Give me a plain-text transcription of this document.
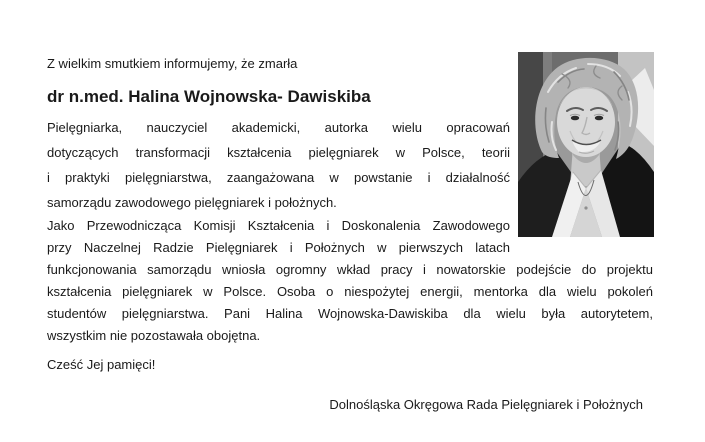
Z wielkim smutkiem informujemy, że zmarła
dr n.med. Halina Wojnowska- Dawiskiba
Pielęgniarka, nauczyciel akademicki, autorka wielu opracowań
dotyczących transformacji kształcenia pielęgniarek w Polsce, teorii
i praktyki pielęgniarstwa, zaangażowana w powstanie i działalność
samorządu zawodowego pielęgniarek i położnych.
Jako Przewodnicząca Komisji Kształcenia i Doskonalenia Zawodowego
przy Naczelnej Radzie Pielęgniarek i Położnych w pierwszych latach
funkcjonowania samorządu wniosła ogromny wkład pracy i nowatorskie podejście do projektu
kształcenia pielęgniarek w Polsce. Osoba o niespożytej energii, mentorka dla wielu pokoleń
studentów pielęgniarstwa. Pani Halina Wojnowska-Dawiskiba dla wielu była autorytetem,
wszystkim nie pozostawała obojętna.
Cześć Jej pamięci!
Dolnośląska Okręgowa Rada Pielęgniarek i Położnych
